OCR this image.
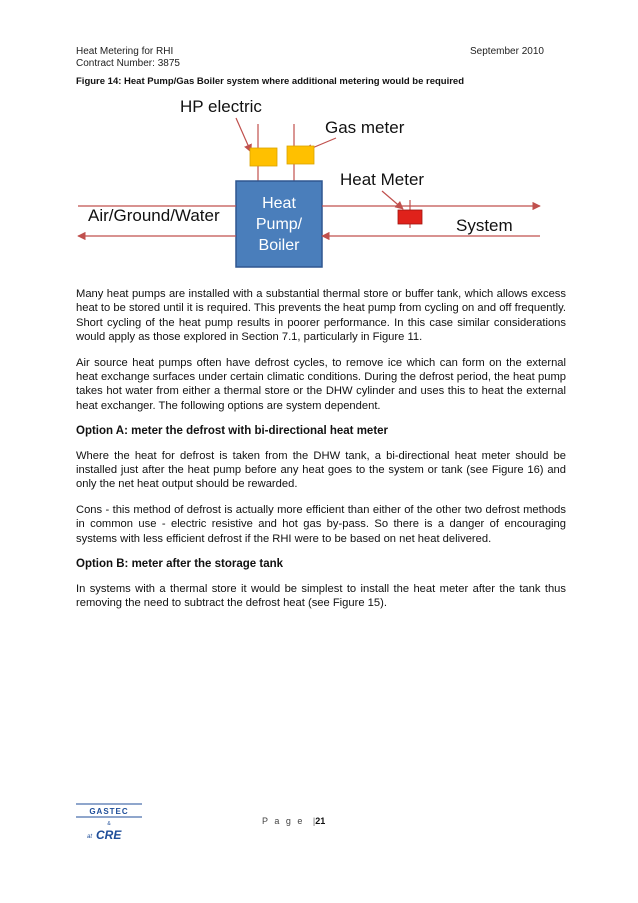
Heat Metering for RHI
Contract Number: 3875
September 2010
Figure 14: Heat Pump/Gas Boiler system where additional metering would be required
HP electric
Gas meter
Heat Meter
Heat
Pump/
Boiler
Air/Ground/Water
System

Many heat pumps are installed with a substantial thermal store or buffer tank, which allows excess heat to be stored until it is required. This prevents the heat pump from cycling on and off frequently. Short cycling of the heat pump results in poorer performance. In this case similar considerations would apply as those explored in Section 7.1, particularly in Figure 11.

Air source heat pumps often have defrost cycles, to remove ice which can form on the external heat exchange surfaces under certain climatic conditions. During the defrost period, the heat pump takes hot water from either a thermal store or the DHW cylinder and uses this to heat the external heat exchanger. The following options are system dependent.

Option A: meter the defrost with bi-directional heat meter

Where the heat for defrost is taken from the DHW tank, a bi-directional heat meter should be installed just after the heat pump before any heat goes to the system or tank (see Figure 16) and only the net heat output should be rewarded.

Cons - this method of defrost is actually more efficient than either of the other two defrost methods in common use - electric resistive and hot gas by-pass. So there is a danger of encouraging systems with less efficient defrost if the RHI were to be based on net heat delivered.

Option B: meter after the storage tank

In systems with a thermal store it would be simplest to install the heat meter after the tank thus removing the need to subtract the defrost heat (see Figure 15).

GASTEC
&
at CRE
P a g e |21
